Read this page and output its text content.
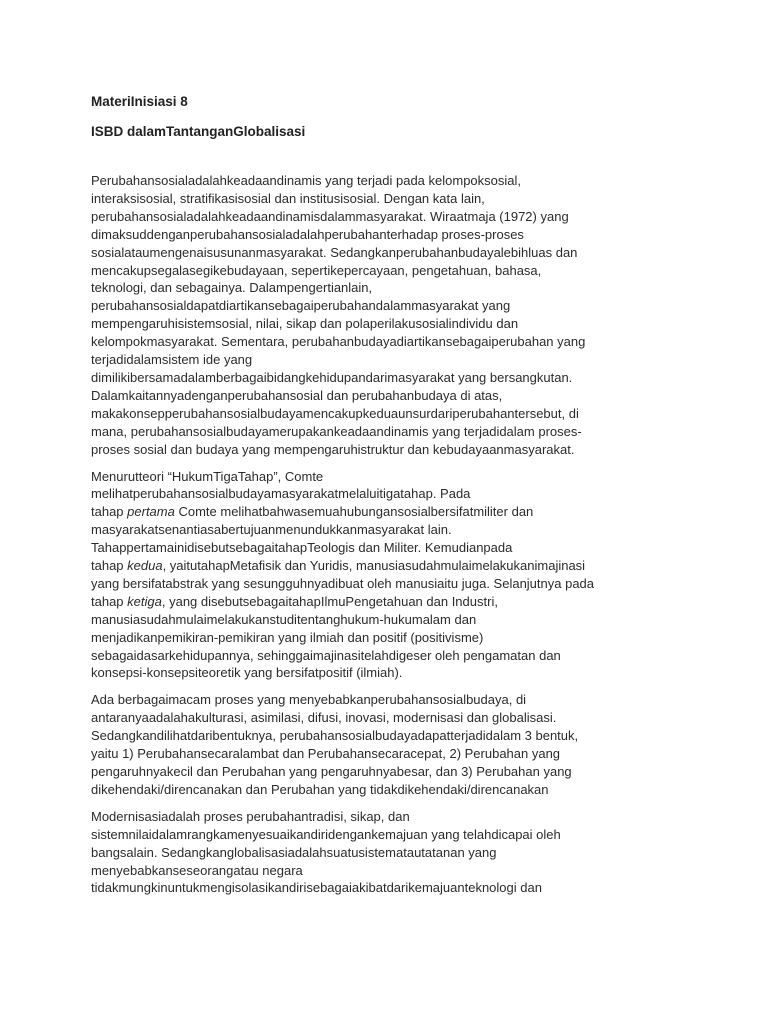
MateriInisiasi 8

ISBD dalamTantanganGlobalisasi

Perubahansosialadalahkeadaandinamis yang terjadi pada kelompoksosial,
interaksisosial, stratifikasisosial dan institusisosial. Dengan kata lain,
perubahansosialadalahkeadaandinamisdalammasyarakat. Wiraatmaja (1972) yang
dimaksuddenganperubahansosialadalahperubahanterhadap proses-proses
sosialataumengenaisusunanmasyarakat. Sedangkanperubahanbudayalebihluas dan
mencakupsegalasegikebudayaan, sepertikepercayaan, pengetahuan, bahasa,
teknologi, dan sebagainya. Dalampengertianlain,
perubahansosialdapatdiartikansebagaiperubahandalammasyarakat yang
mempengaruhisistemsosial, nilai, sikap dan polaperilakusosialindividu dan
kelompokmasyarakat. Sementara, perubahanbudayadiartikansebagaiperubahan yang
terjadidalamsistem ide yang
dimilikibersamadalamberbagaibidangkehidupandarimasyarakat yang bersangkutan.
Dalamkaitannyadenganperubahansosial dan perubahanbudaya di atas,
makakonsepperubahansosialbudayamencakupkeduaunsurdariperubahantersebut, di
mana, perubahansosialbudayamerupakankeadaandinamis yang terjadidalam proses-
proses sosial dan budaya yang mempengaruhistruktur dan kebudayaanmasyarakat.

Menurutteori “HukumTigaTahap”, Comte
melihatperubahansosialbudayamasyarakatmelaluitigatahap. Pada
tahap pertama Comte melihatbahwasemuahubungansosialbersifatmiliter dan
masyarakatsenantiasabertujuanmenundukkanmasyarakat lain.
TahappertamainidisebutsebagaitahapTeologis dan Militer. Kemudianpada
tahap kedua, yaitutahapMetafisik dan Yuridis, manusiasudahmulaimelakukanimajinasi
yang bersifatabstrak yang sesungguhnyadibuat oleh manusiaitu juga. Selanjutnya pada
tahap ketiga, yang disebutsebagaitahapIlmuPengetahuan dan Industri,
manusiasudahmulaimelakukanstuditentanghukum-hukumalam dan
menjadikanpemikiran-pemikiran yang ilmiah dan positif (positivisme)
sebagaidasarkehidupannya, sehinggaimajinasitelahdigeser oleh pengamatan dan
konsepsi-konsepsiteoretik yang bersifatpositif (ilmiah).

Ada berbagaimacam proses yang menyebabkanperubahansosialbudaya, di
antaranyaadalahakulturasi, asimilasi, difusi, inovasi, modernisasi dan globalisasi.
Sedangkandilihatdaribentuknya, perubahansosialbudayadapatterjadidalam 3 bentuk,
yaitu 1) Perubahansecaralambat dan Perubahansecaracepat, 2) Perubahan yang
pengaruhnyakecil dan Perubahan yang pengaruhnyabesar, dan 3) Perubahan yang
dikehendaki/direncanakan dan Perubahan yang tidakdikehendaki/direncanakan

Modernisasiadalah proses perubahantradisi, sikap, dan
sistemnilaidalamrangkamenyesuaikandiridengankemajuan yang telahdicapai oleh
bangsalain. Sedangkanglobalisasiadalahsuatusistematautatanan yang
menyebabkanseseorangatau negara
tidakmungkinuntukmengisolasikandirisebagaiakibatdarikemajuanteknologi dan
